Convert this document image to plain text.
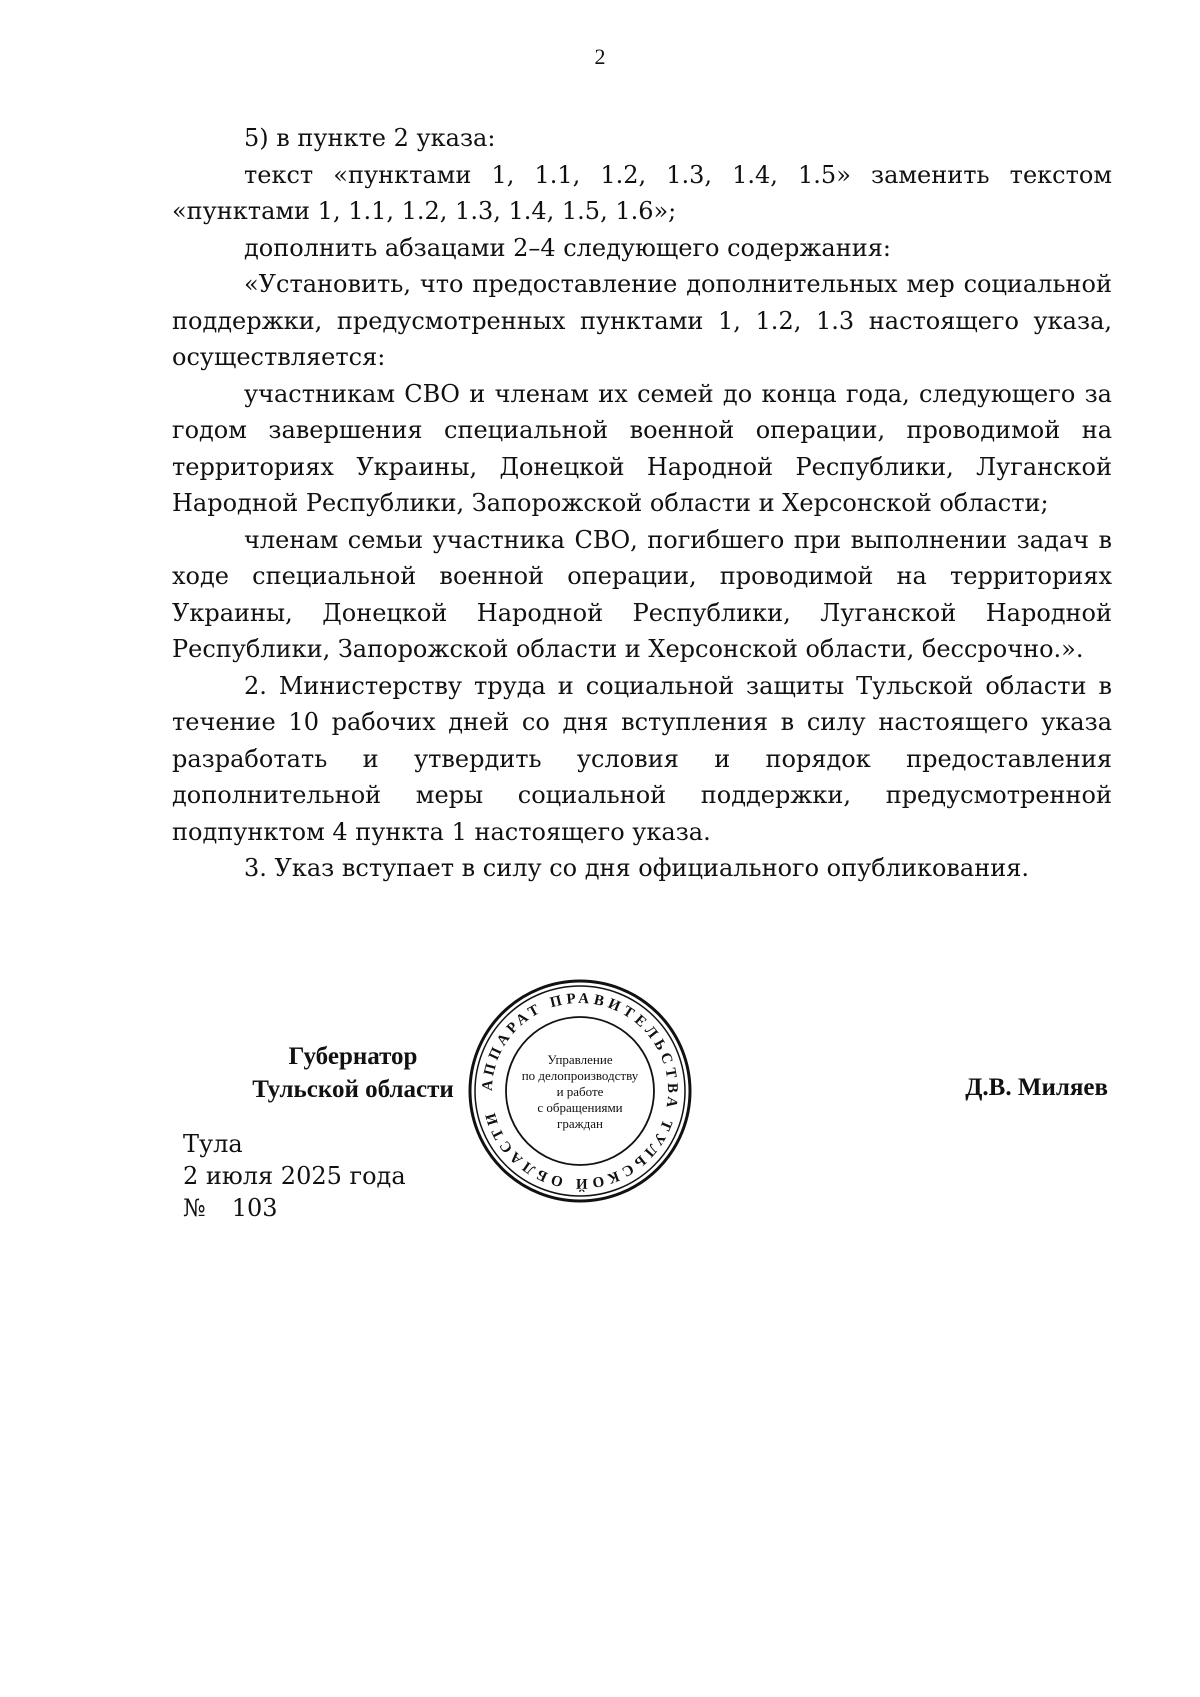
2

5) в пункте 2 указа:

текст «пунктами 1, 1.1, 1.2, 1.3, 1.4, 1.5» заменить текстом «пунктами 1, 1.1, 1.2, 1.3, 1.4, 1.5, 1.6»;

дополнить абзацами 2–4 следующего содержания:

«Установить, что предоставление дополнительных мер социальной поддержки, предусмотренных пунктами 1, 1.2, 1.3 настоящего указа, осуществляется:

участникам СВО и членам их семей до конца года, следующего за годом завершения специальной военной операции, проводимой на территориях Украины, Донецкой Народной Республики, Луганской Народной Республики, Запорожской области и Херсонской области;

членам семьи участника СВО, погибшего при выполнении задач в ходе специальной военной операции, проводимой на территориях Украины, Донецкой Народной Республики, Луганской Народной Республики, Запорожской области и Херсонской области, бессрочно.».

2. Министерству труда и социальной защиты Тульской области в течение 10 рабочих дней со дня вступления в силу настоящего указа разработать и утвердить условия и порядок предоставления дополнительной меры социальной поддержки, предусмотренной подпунктом 4 пункта 1 настоящего указа.

3. Указ вступает в силу со дня официального опубликования.

Губернатор
Тульской области	Д.В. Миляев
Тула
2 июля 2025 года
№ 103
АППАРАТ ПРАВИТЕЛЬСТВА ТУЛЬСКОЙ ОБЛАСТИ
Управление
по делопроизводству
и работе
с обращениями
граждан
